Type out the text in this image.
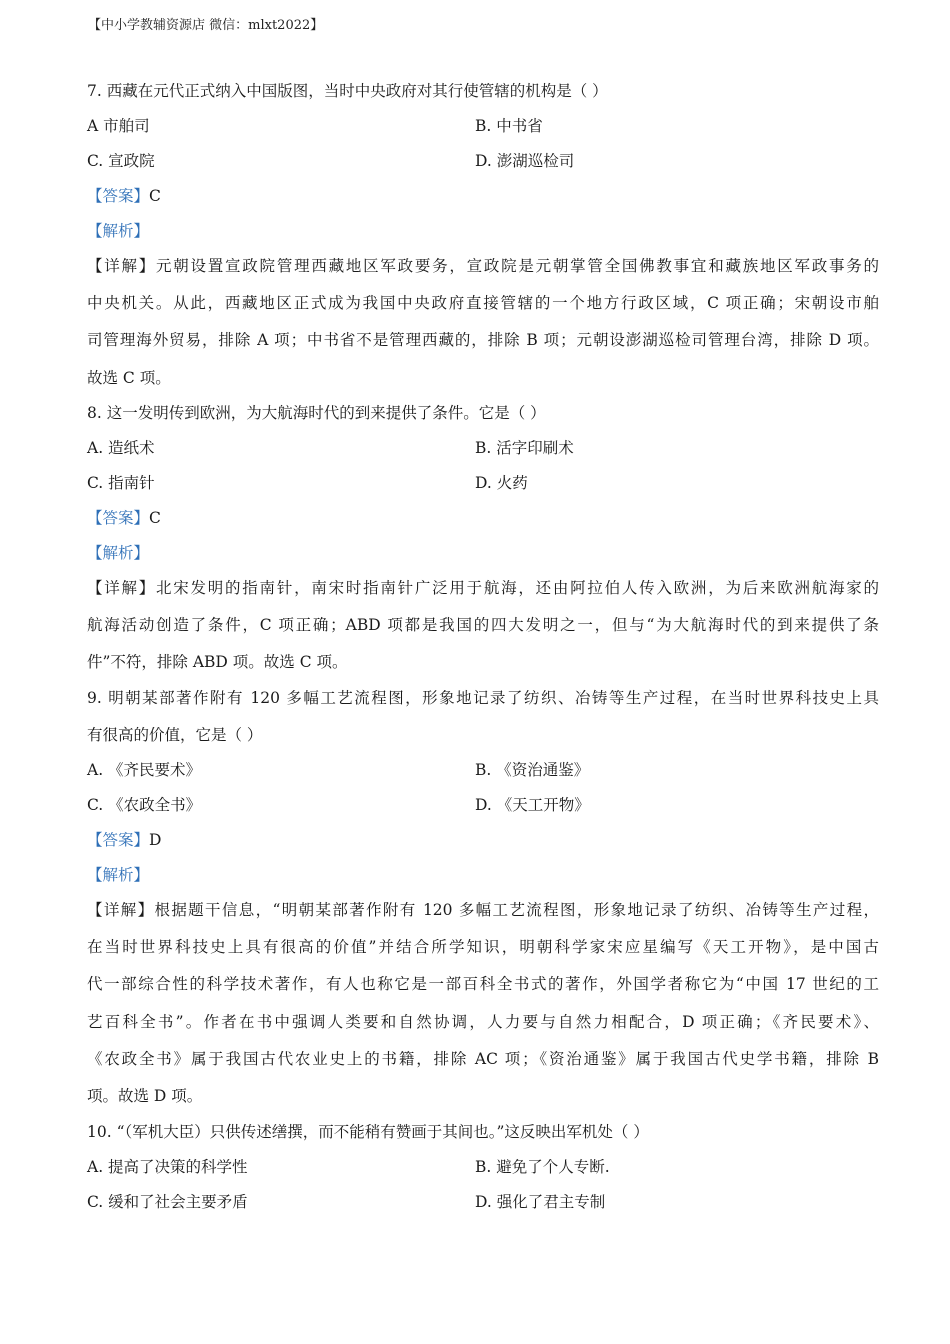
【中小学教辅资源店 微信：mlxt2022】
7. 西藏在元代正式纳入中国版图，当时中央政府对其行使管辖的机构是（ ）
A 市舶司	B. 中书省
C. 宣政院	D. 澎湖巡检司
【答案】C
【解析】
【详解】元朝设置宣政院管理西藏地区军政要务，宣政院是元朝掌管全国佛教事宜和藏族地区军政事务的
中央机关。从此，西藏地区正式成为我国中央政府直接管辖的一个地方行政区域，C 项正确；宋朝设市舶
司管理海外贸易，排除 A 项；中书省不是管理西藏的，排除 B 项；元朝设澎湖巡检司管理台湾，排除 D 项。
故选 C 项。
8. 这一发明传到欧洲，为大航海时代的到来提供了条件。它是（ ）
A. 造纸术	B. 活字印刷术
C. 指南针	D. 火药
【答案】C
【解析】
【详解】北宋发明的指南针，南宋时指南针广泛用于航海，还由阿拉伯人传入欧洲，为后来欧洲航海家的
航海活动创造了条件，C 项正确；ABD 项都是我国的四大发明之一，但与“为大航海时代的到来提供了条
件”不符，排除 ABD 项。故选 C 项。
9. 明朝某部著作附有 120 多幅工艺流程图，形象地记录了纺织、冶铸等生产过程，在当时世界科技史上具
有很高的价值，它是（ ）
A. 《齐民要术》	B. 《资治通鉴》
C. 《农政全书》	D. 《天工开物》
【答案】D
【解析】
【详解】根据题干信息，“明朝某部著作附有 120 多幅工艺流程图，形象地记录了纺织、冶铸等生产过程，
在当时世界科技史上具有很高的价值”并结合所学知识，明朝科学家宋应星编写《天工开物》，是中国古
代一部综合性的科学技术著作，有人也称它是一部百科全书式的著作，外国学者称它为“中国 17 世纪的工
艺百科全书”。作者在书中强调人类要和自然协调，人力要与自然力相配合，D 项正确；《齐民要术》、
《农政全书》属于我国古代农业史上的书籍，排除 AC 项；《资治通鉴》属于我国古代史学书籍，排除 B
项。故选 D 项。
10. “（军机大臣）只供传述缮撰，而不能稍有赞画于其间也。”这反映出军机处（ ）
A. 提高了决策的科学性	B. 避免了个人专断.
C. 缓和了社会主要矛盾	D. 强化了君主专制
